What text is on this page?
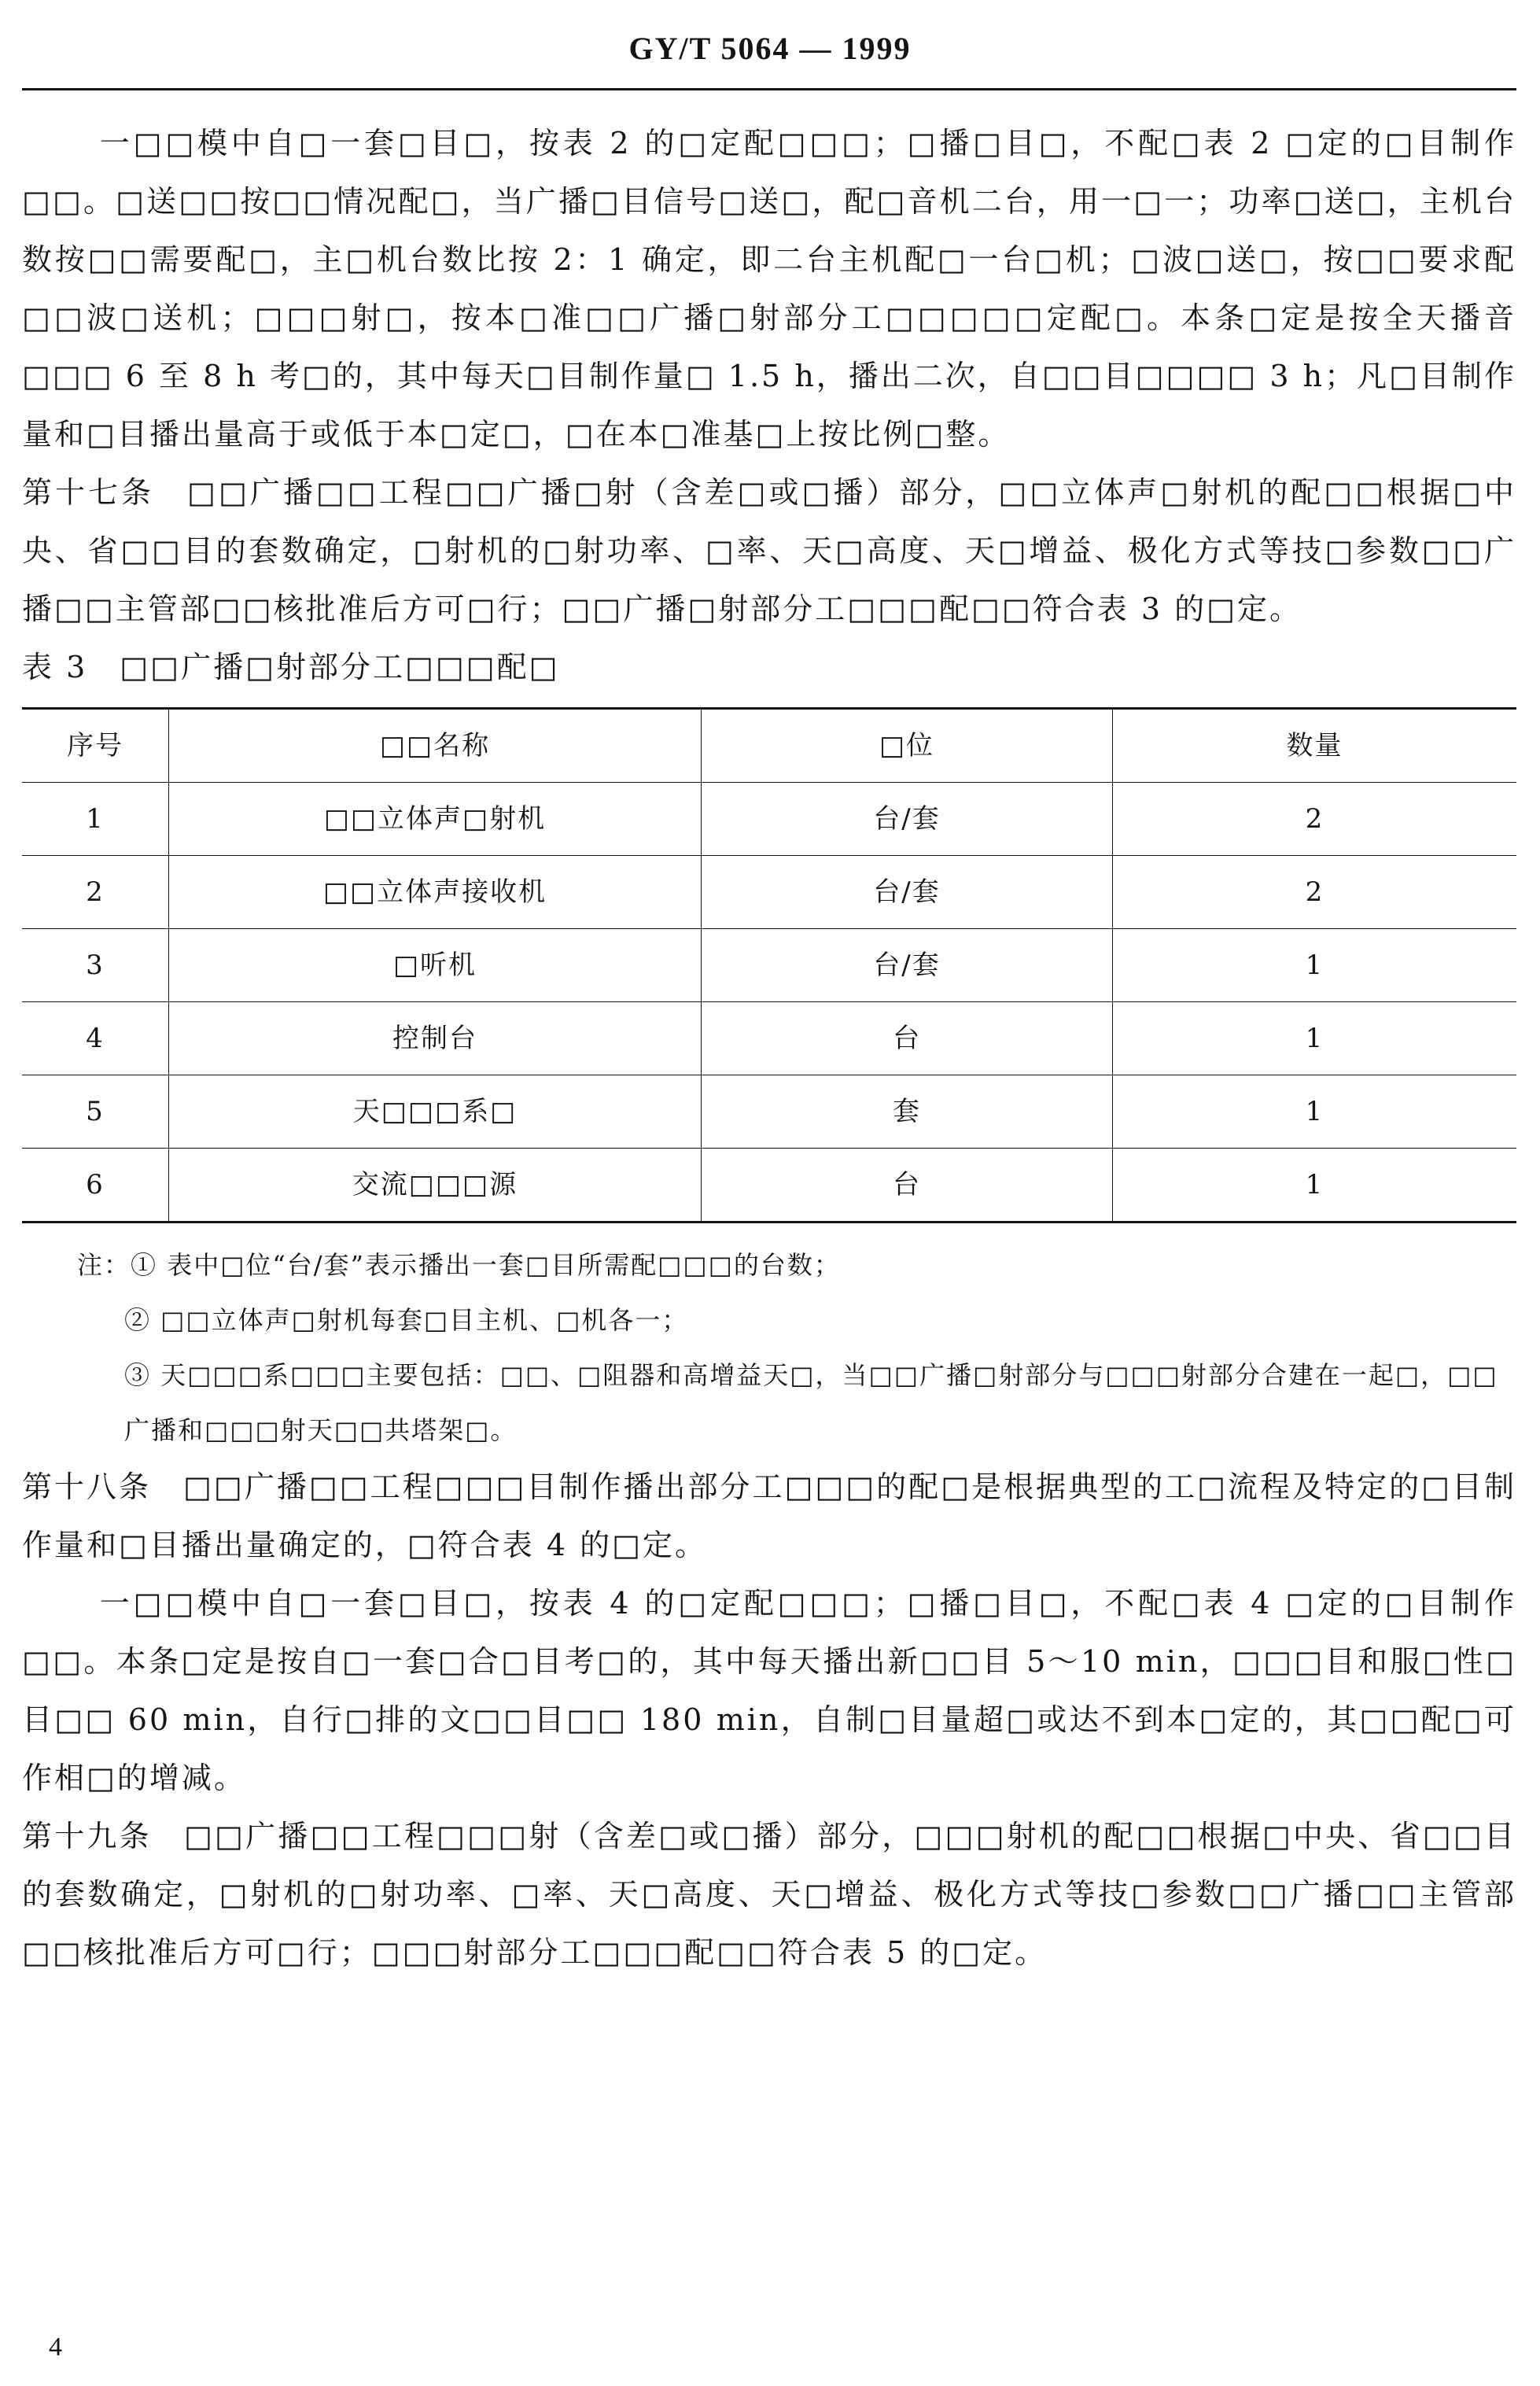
GY/T 5064 — 1999

一□□模中自□一套□目□，按表 2 的□定配□□□；□播□目□，不配□表 2 □定的□目制作□□。□送□□按□□情况配□，当广播□目信号□送□，配□音机二台，用一□一；功率□送□，主机台数按□□需要配□，主□机台数比按 2：1 确定，即二台主机配□一台□机；□波□送□，按□□要求配□□波□送机；□□□射□，按本□准□□广播□射部分工□□□□□定配□。本条□定是按全天播音□□□ 6 至 8 h 考□的，其中每天□目制作量□ 1.5 h，播出二次，自□□目□□□□ 3 h；凡□目制作量和□目播出量高于或低于本□定□，□在本□准基□上按比例□整。

第十七条　□□广播□□工程□□广播□射（含差□或□播）部分，□□立体声□射机的配□□根据□中央、省□□目的套数确定，□射机的□射功率、□率、天□高度、天□增益、极化方式等技□参数□□广播□□主管部□□核批准后方可□行；□□广播□射部分工□□□配□□符合表 3 的□定。

表 3　□□广播□射部分工□□□配□

序号	□□名称	□位	数量
1	□□立体声□射机	台/套	2
2	□□立体声接收机	台/套	2
3	□听机	台/套	1
4	控制台	台	1
5	天□□□系□	套	1
6	交流□□□源	台	1
注：① 表中□位“台/套”表示播出一套□目所需配□□□的台数；
② □□立体声□射机每套□目主机、□机各一；
③ 天□□□系□□□主要包括：□□、□阻器和高增益天□，当□□广播□射部分与□□□射部分合建在一起□，□□广播和□□□射天□□共塔架□。

第十八条　□□广播□□工程□□□目制作播出部分工□□□的配□是根据典型的工□流程及特定的□目制作量和□目播出量确定的，□符合表 4 的□定。

一□□模中自□一套□目□，按表 4 的□定配□□□；□播□目□，不配□表 4 □定的□目制作□□。本条□定是按自□一套□合□目考□的，其中每天播出新□□目 5～10 min，□□□目和服□性□目□□ 60 min，自行□排的文□□目□□ 180 min，自制□目量超□或达不到本□定的，其□□配□可作相□的增减。

第十九条　□□广播□□工程□□□射（含差□或□播）部分，□□□射机的配□□根据□中央、省□□目的套数确定，□射机的□射功率、□率、天□高度、天□增益、极化方式等技□参数□□广播□□主管部□□核批准后方可□行；□□□射部分工□□□配□□符合表 5 的□定。

4
